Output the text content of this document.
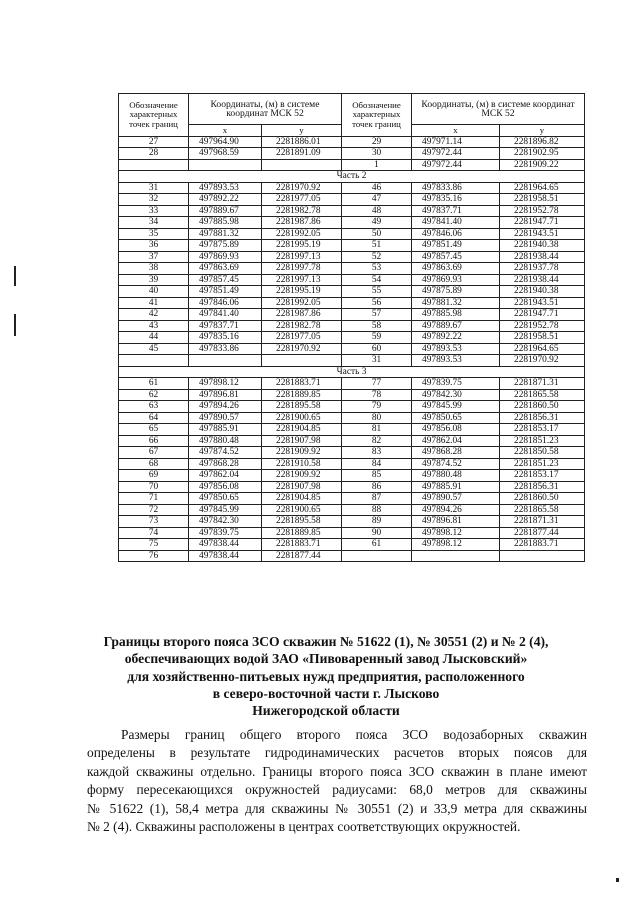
Обозначение характерных точек границ	Координаты, (м) в системе координат МСК 52		Обозначение характерных точек границ	Координаты, (м) в системе координат МСК 52	
	x	y		x	y
27	497964.90	2281886.01	29	497971.14	2281896.82
28	497968.59	2281891.09	30	497972.44	2281902.95
			1	497972.44	2281909.22
Часть 2					
31	497893.53	2281970.92	46	497833.86	2281964.65
32	497892.22	2281977.05	47	497835.16	2281958.51
33	497889.67	2281982.78	48	497837.71	2281952.78
34	497885.98	2281987.86	49	497841.40	2281947.71
35	497881.32	2281992.05	50	497846.06	2281943.51
36	497875.89	2281995.19	51	497851.49	2281940.38
37	497869.93	2281997.13	52	497857.45	2281938.44
38	497863.69	2281997.78	53	497863.69	2281937.78
39	497857.45	2281997.13	54	497869.93	2281938.44
40	497851.49	2281995.19	55	497875.89	2281940.38
41	497846.06	2281992.05	56	497881.32	2281943.51
42	497841.40	2281987.86	57	497885.98	2281947.71
43	497837.71	2281982.78	58	497889.67	2281952.78
44	497835.16	2281977.05	59	497892.22	2281958.51
45	497833.86	2281970.92	60	497893.53	2281964.65
			31	497893.53	2281970.92
Часть 3					
61	497898.12	2281883.71	77	497839.75	2281871.31
62	497896.81	2281889.85	78	497842.30	2281865.58
63	497894.26	2281895.58	79	497845.99	2281860.50
64	497890.57	2281900.65	80	497850.65	2281856.31
65	497885.91	2281904.85	81	497856.08	2281853.17
66	497880.48	2281907.98	82	497862.04	2281851.23
67	497874.52	2281909.92	83	497868.28	2281850.58
68	497868.28	2281910.58	84	497874.52	2281851.23
69	497862.04	2281909.92	85	497880.48	2281853.17
70	497856.08	2281907.98	86	497885.91	2281856.31
71	497850.65	2281904.85	87	497890.57	2281860.50
72	497845.99	2281900.65	88	497894.26	2281865.58
73	497842.30	2281895.58	89	497896.81	2281871.31
74	497839.75	2281889.85	90	497898.12	2281877.44
75	497838.44	2281883.71	61	497898.12	2281883.71
76	497838.44	2281877.44			
Границы второго пояса ЗСО скважин № 51622 (1), № 30551 (2) и № 2 (4),
обеспечивающих водой ЗАО «Пивоваренный завод Лысковский»
для хозяйственно-питьевых нужд предприятия, расположенного
в северо-восточной части г. Лысково
Нижегородской области
Размеры границ общего второго пояса ЗСО водозаборных скважин
определены в результате гидродинамических расчетов вторых поясов для
каждой скважины отдельно. Границы второго пояса ЗСО скважин в плане имеют
форму пересекающихся окружностей радиусами: 68,0 метров для скважины
№ 51622 (1), 58,4 метра для скважины № 30551 (2) и 33,9 метра для скважины
№ 2 (4). Скважины расположены в центрах соответствующих окружностей.
